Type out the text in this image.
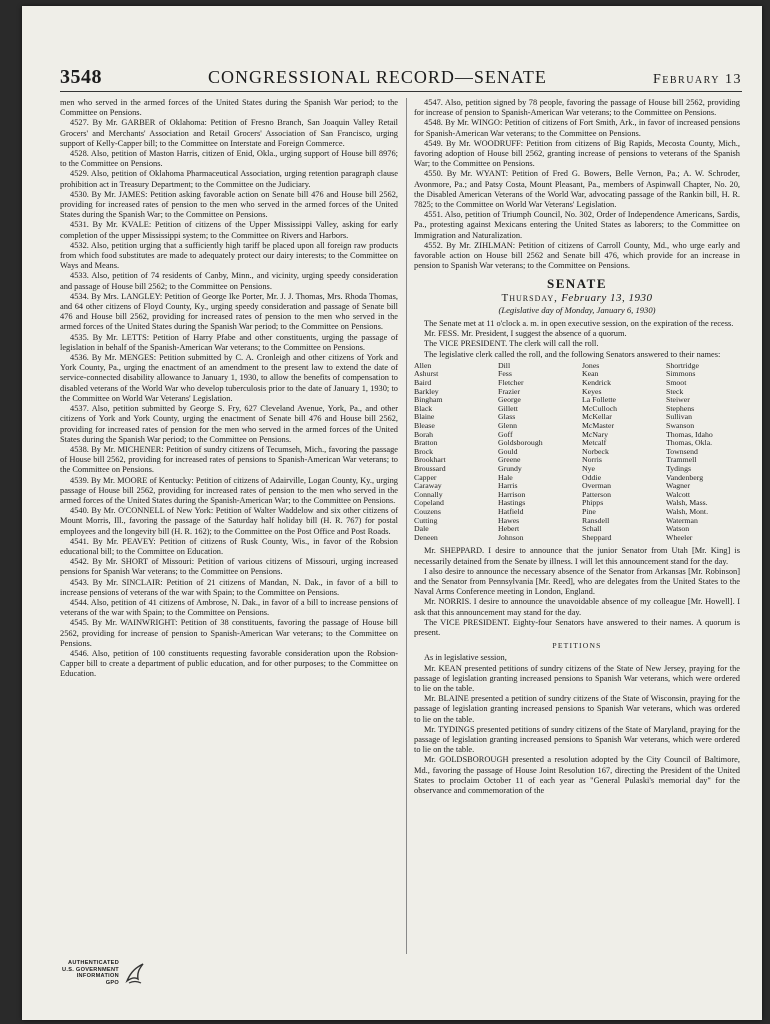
3548	CONGRESSIONAL RECORD—SENATE	February 13

men who served in the armed forces of the United States during the Spanish War period; to the Committee on Pensions.

4527. By Mr. GARBER of Oklahoma: Petition of Fresno Branch, San Joaquin Valley Retail Grocers' and Merchants' Association and Retail Grocers' Association of San Francisco, urging support of Kelly-Capper bill; to the Committee on Interstate and Foreign Commerce.

4528. Also, petition of Maston Harris, citizen of Enid, Okla., urging support of House bill 8976; to the Committee on Pensions.

4529. Also, petition of Oklahoma Pharmaceutical Association, urging retention paragraph clause prohibition act in Treasury Department; to the Committee on the Judiciary.

4530. By Mr. JAMES: Petition asking favorable action on Senate bill 476 and House bill 2562, providing for increased rates of pension to the men who served in the armed forces of the United States during the Spanish War; to the Committee on Pensions.

4531. By Mr. KVALE: Petition of citizens of the Upper Mississippi Valley, asking for early completion of the upper Mississippi system; to the Committee on Rivers and Harbors.

4532. Also, petition urging that a sufficiently high tariff be placed upon all foreign raw products from which food substitutes are made to adequately protect our dairy interests; to the Committee on Ways and Means.

4533. Also, petition of 74 residents of Canby, Minn., and vicinity, urging speedy consideration and passage of House bill 2562; to the Committee on Pensions.

4534. By Mrs. LANGLEY: Petition of George Ike Porter, Mr. J. J. Thomas, Mrs. Rhoda Thomas, and 64 other citizens of Floyd County, Ky., urging speedy consideration and passage of Senate bill 476 and House bill 2562, providing for increased rates of pension to the men who served in the armed forces of the United States during the Spanish War period; to the Committee on Pensions.

4535. By Mr. LETTS: Petition of Harry Pfabe and other constituents, urging the passage of legislation in behalf of the Spanish-American War veterans; to the Committee on Pensions.

4536. By Mr. MENGES: Petition submitted by C. A. Cronleigh and other citizens of York and York County, Pa., urging the enactment of an amendment to the present law to extend the date of service-connected disability allowance to January 1, 1930, to allow the benefits of compensation to disabled veterans of the World War who develop tuberculosis prior to the date of January 1, 1930; to the Committee on World War Veterans' Legislation.

4537. Also, petition submitted by George S. Fry, 627 Cleveland Avenue, York, Pa., and other citizens of York and York County, urging the enactment of Senate bill 476 and House bill 2562, providing for increased rates of pension for the men who served in the armed forces of the United States during the Spanish War period; to the Committee on Pensions.

4538. By Mr. MICHENER: Petition of sundry citizens of Tecumseh, Mich., favoring the passage of House bill 2562, providing for increased rates of pensions to Spanish-American War veterans; to the Committee on Pensions.

4539. By Mr. MOORE of Kentucky: Petition of citizens of Adairville, Logan County, Ky., urging passage of House bill 2562, providing for increased rates of pension to the men who served in the armed forces of the United States during the Spanish-American War; to the Committee on Pensions.

4540. By Mr. O'CONNELL of New York: Petition of Walter Waddelow and six other citizens of Mount Morris, Ill., favoring the passage of the Saturday half holiday bill (H. R. 767) for postal employees and the longevity bill (H. R. 162); to the Committee on the Post Office and Post Roads.

4541. By Mr. PEAVEY: Petition of citizens of Rusk County, Wis., in favor of the Robsion educational bill; to the Committee on Education.

4542. By Mr. SHORT of Missouri: Petition of various citizens of Missouri, urging increased pensions for Spanish War veterans; to the Committee on Pensions.

4543. By Mr. SINCLAIR: Petition of 21 citizens of Mandan, N. Dak., in favor of a bill to increase pensions of veterans of the war with Spain; to the Committee on Pensions.

4544. Also, petition of 41 citizens of Ambrose, N. Dak., in favor of a bill to increase pensions of veterans of the war with Spain; to the Committee on Pensions.

4545. By Mr. WAINWRIGHT: Petition of 38 constituents, favoring the passage of House bill 2562, providing for increase of pension to Spanish-American War veterans; to the Committee on Pensions.

4546. Also, petition of 100 constituents requesting favorable consideration upon the Robsion-Capper bill to create a department of public education, and for other purposes; to the Committee on Education.

4547. Also, petition signed by 78 people, favoring the passage of House bill 2562, providing for increase of pension to Spanish-American War veterans; to the Committee on Pensions.

4548. By Mr. WINGO: Petition of citizens of Fort Smith, Ark., in favor of increased pensions for Spanish-American War veterans; to the Committee on Pensions.

4549. By Mr. WOODRUFF: Petition from citizens of Big Rapids, Mecosta County, Mich., favoring adoption of House bill 2562, granting increase of pensions to veterans of the Spanish War; to the Committee on Pensions.

4550. By Mr. WYANT: Petition of Fred G. Bowers, Belle Vernon, Pa.; A. W. Schroder, Avonmore, Pa.; and Patsy Costa, Mount Pleasant, Pa., members of Aspinwall Chapter, No. 20, the Disabled American Veterans of the World War, advocating passage of the Rankin bill, H. R. 7825; to the Committee on World War Veterans' Legislation.

4551. Also, petition of Triumph Council, No. 302, Order of Independence Americans, Sardis, Pa., protesting against Mexicans entering the United States as laborers; to the Committee on Immigration and Naturalization.

4552. By Mr. ZIHLMAN: Petition of citizens of Carroll County, Md., who urge early and favorable action on House bill 2562 and Senate bill 476, which provide for an increase in pension to Spanish War veterans; to the Committee on Pensions.

SENATE
Thursday, February 13, 1930
(Legislative day of Monday, January 6, 1930)

The Senate met at 11 o'clock a. m. in open executive session, on the expiration of the recess.

Mr. FESS. Mr. President, I suggest the absence of a quorum.

The VICE PRESIDENT. The clerk will call the roll.

The legislative clerk called the roll, and the following Senators answered to their names:

Allen
Ashurst
Baird
Barkley
Bingham
Black
Blaine
Blease
Borah
Bratton
Brock
Brookhart
Broussard
Capper
Caraway
Connally
Copeland
Couzens
Cutting
Dale
Deneen
Dill
Fess
Fletcher
Frazier
George
Gillett
Glass
Glenn
Goff
Goldsborough
Gould
Greene
Grundy
Hale
Harris
Harrison
Hastings
Hatfield
Hawes
Hebert
Johnson
Jones
Kean
Kendrick
Keyes
La Follette
McCulloch
McKellar
McMaster
McNary
Metcalf
Norbeck
Norris
Nye
Oddie
Overman
Patterson
Phipps
Pine
Ransdell
Schall
Sheppard
Shortridge
Simmons
Smoot
Steck
Steiwer
Stephens
Sullivan
Swanson
Thomas, Idaho
Thomas, Okla.
Townsend
Trammell
Tydings
Vandenberg
Wagner
Walcott
Walsh, Mass.
Walsh, Mont.
Waterman
Watson
Wheeler

Mr. SHEPPARD. I desire to announce that the junior Senator from Utah [Mr. King] is necessarily detained from the Senate by illness. I will let this announcement stand for the day.

I also desire to announce the necessary absence of the Senator from Arkansas [Mr. Robinson] and the Senator from Pennsylvania [Mr. Reed], who are delegates from the United States to the Naval Arms Conference meeting in London, England.

Mr. NORRIS. I desire to announce the unavoidable absence of my colleague [Mr. Howell]. I ask that this announcement may stand for the day.

The VICE PRESIDENT. Eighty-four Senators have answered to their names. A quorum is present.

PETITIONS

As in legislative session,

Mr. KEAN presented petitions of sundry citizens of the State of New Jersey, praying for the passage of legislation granting increased pensions to Spanish War veterans, which were ordered to lie on the table.

Mr. BLAINE presented a petition of sundry citizens of the State of Wisconsin, praying for the passage of legislation granting increased pensions to Spanish War veterans, which was ordered to lie on the table.

Mr. TYDINGS presented petitions of sundry citizens of the State of Maryland, praying for the passage of legislation granting increased pensions to Spanish War veterans, which were ordered to lie on the table.

Mr. GOLDSBOROUGH presented a resolution adopted by the City Council of Baltimore, Md., favoring the passage of House Joint Resolution 167, directing the President of the United States to proclaim October 11 of each year as "General Pulaski's memorial day" for the observance and commemoration of the

AUTHENTICATED
U.S. GOVERNMENT
INFORMATION
GPO
